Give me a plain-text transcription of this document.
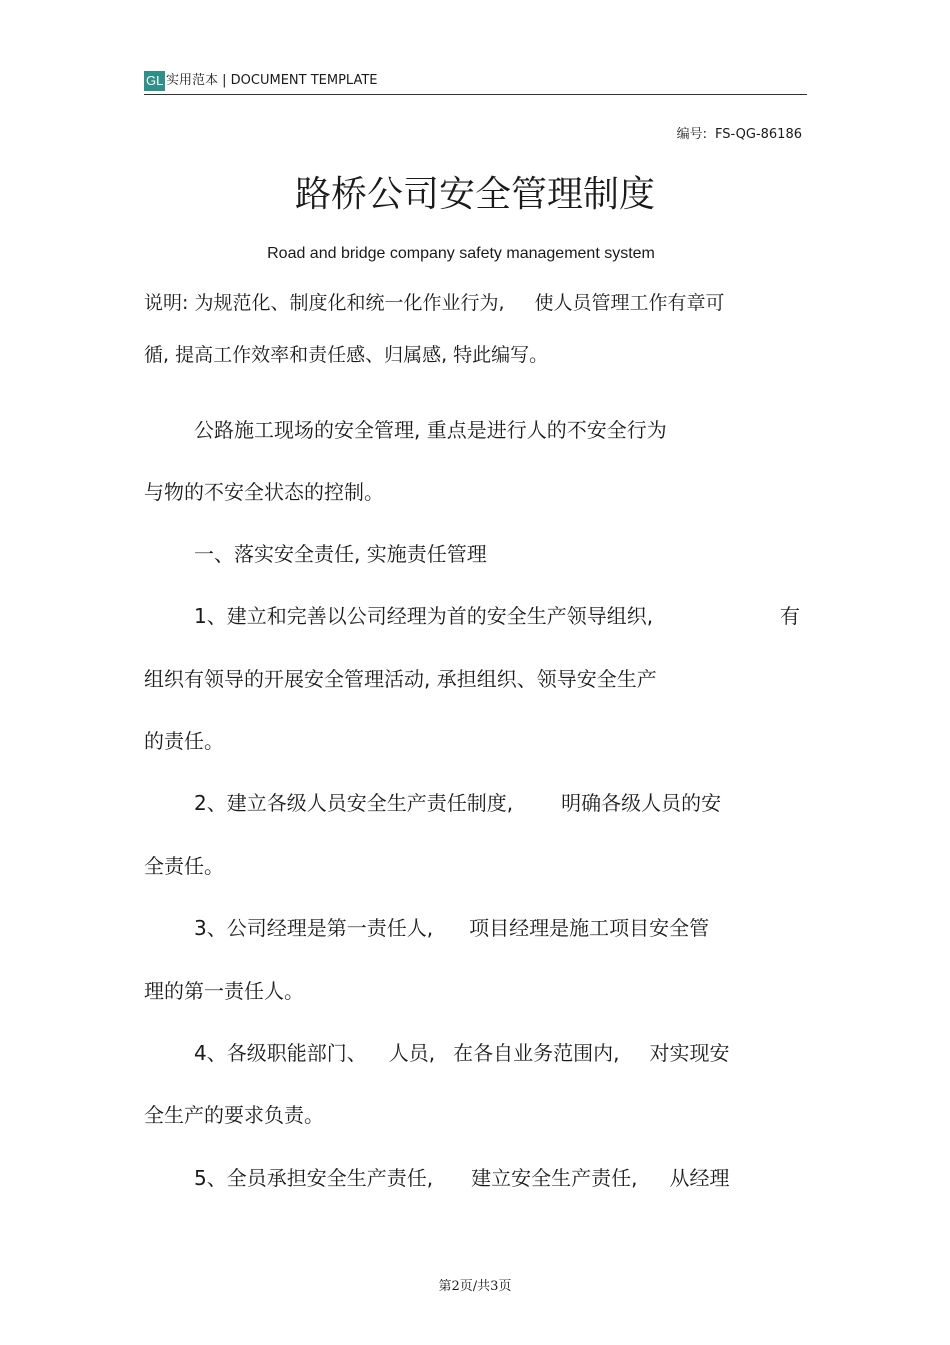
GL 实用范本 | DOCUMENT TEMPLATE
编号: FS-QG-86186
路桥公司安全管理制度
Road and bridge company safety management system
说明: 为规范化、制度化和统一化作业行为, 使人员管理工作有章可
循, 提高工作效率和责任感、归属感, 特此编写。
公路施工现场的安全管理, 重点是进行人的不安全行为
与物的不安全状态的控制。
一、落实安全责任, 实施责任管理
1、建立和完善以公司经理为首的安全生产领导组织,	有
组织有领导的开展安全管理活动, 承担组织、领导安全生产
的责任。
2、建立各级人员安全生产责任制度, 明确各级人员的安
全责任。
3、公司经理是第一责任人, 项目经理是施工项目安全管
理的第一责任人。
4、各级职能部门、 人员, 在各自业务范围内, 对实现安
全生产的要求负责。
5、全员承担安全生产责任, 建立安全生产责任, 从经理
第2页/共3页
